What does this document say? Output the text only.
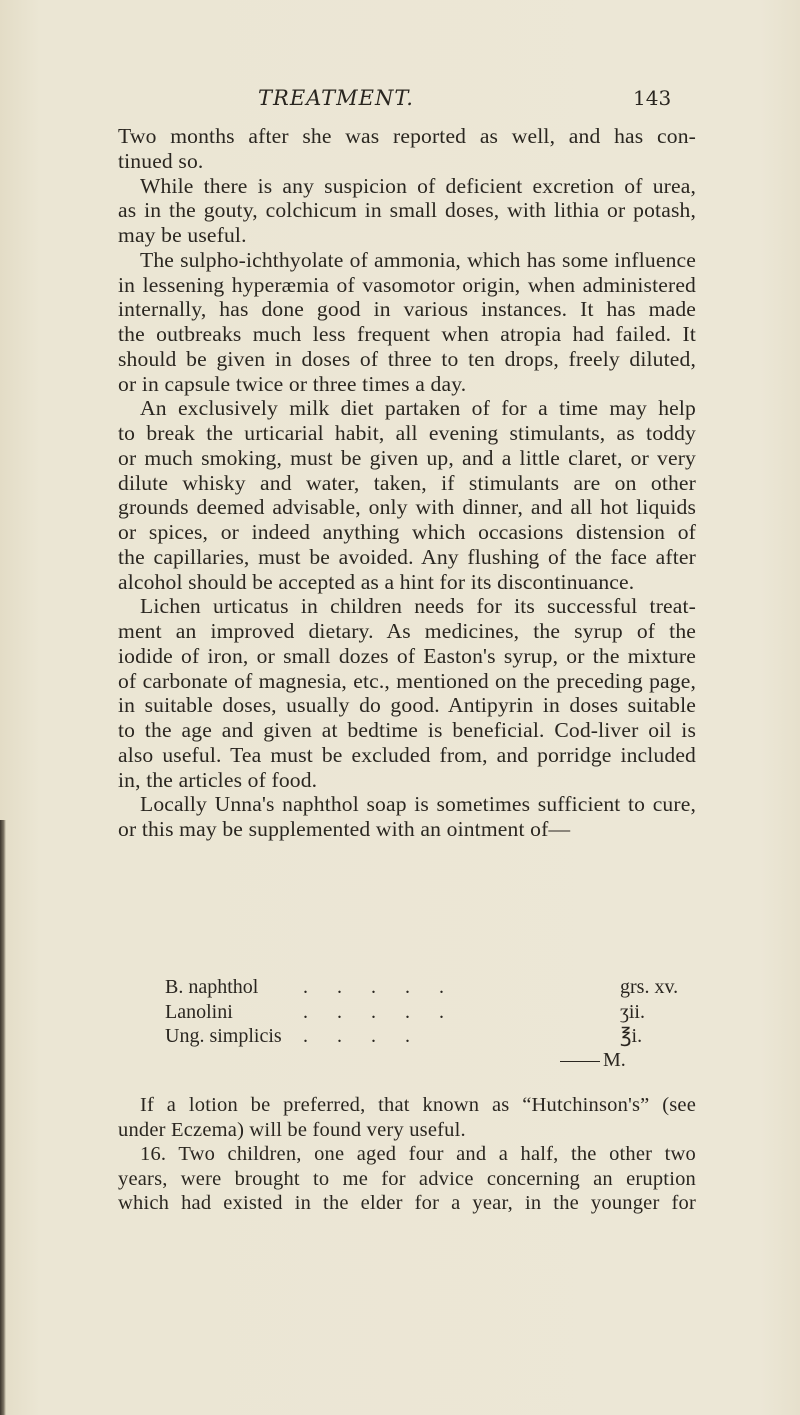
TREATMENT.	143

Two months after she was reported as well, and has con-
tinued so.

While there is any suspicion of deficient excretion of urea,
as in the gouty, colchicum in small doses, with lithia or potash,
may be useful.

The sulpho-ichthyolate of ammonia, which has some influence
in lessening hyperæmia of vasomotor origin, when administered
internally, has done good in various instances. It has made
the outbreaks much less frequent when atropia had failed. It
should be given in doses of three to ten drops, freely diluted,
or in capsule twice or three times a day.

An exclusively milk diet partaken of for a time may help
to break the urticarial habit, all evening stimulants, as toddy
or much smoking, must be given up, and a little claret, or very
dilute whisky and water, taken, if stimulants are on other
grounds deemed advisable, only with dinner, and all hot liquids
or spices, or indeed anything which occasions distension of
the capillaries, must be avoided. Any flushing of the face after
alcohol should be accepted as a hint for its discontinuance.

Lichen urticatus in children needs for its successful treat-
ment an improved dietary. As medicines, the syrup of the
iodide of iron, or small dozes of Easton's syrup, or the mixture
of carbonate of magnesia, etc., mentioned on the preceding page,
in suitable doses, usually do good. Antipyrin in doses suitable
to the age and given at bedtime is beneficial. Cod-liver oil is
also useful. Tea must be excluded from, and porridge included
in, the articles of food.

Locally Unna's naphthol soap is sometimes sufficient to cure,
or this may be supplemented with an ointment of—

B. naphthol . . . . .	grs. xv.
Lanolini	. . . . .	ʒii.
Ung. simplicis . . . .	℥i.
M.

If a lotion be preferred, that known as “Hutchinson's” (see
under Eczema) will be found very useful.

16. Two children, one aged four and a half, the other two
years, were brought to me for advice concerning an eruption
which had existed in the elder for a year, in the younger for
